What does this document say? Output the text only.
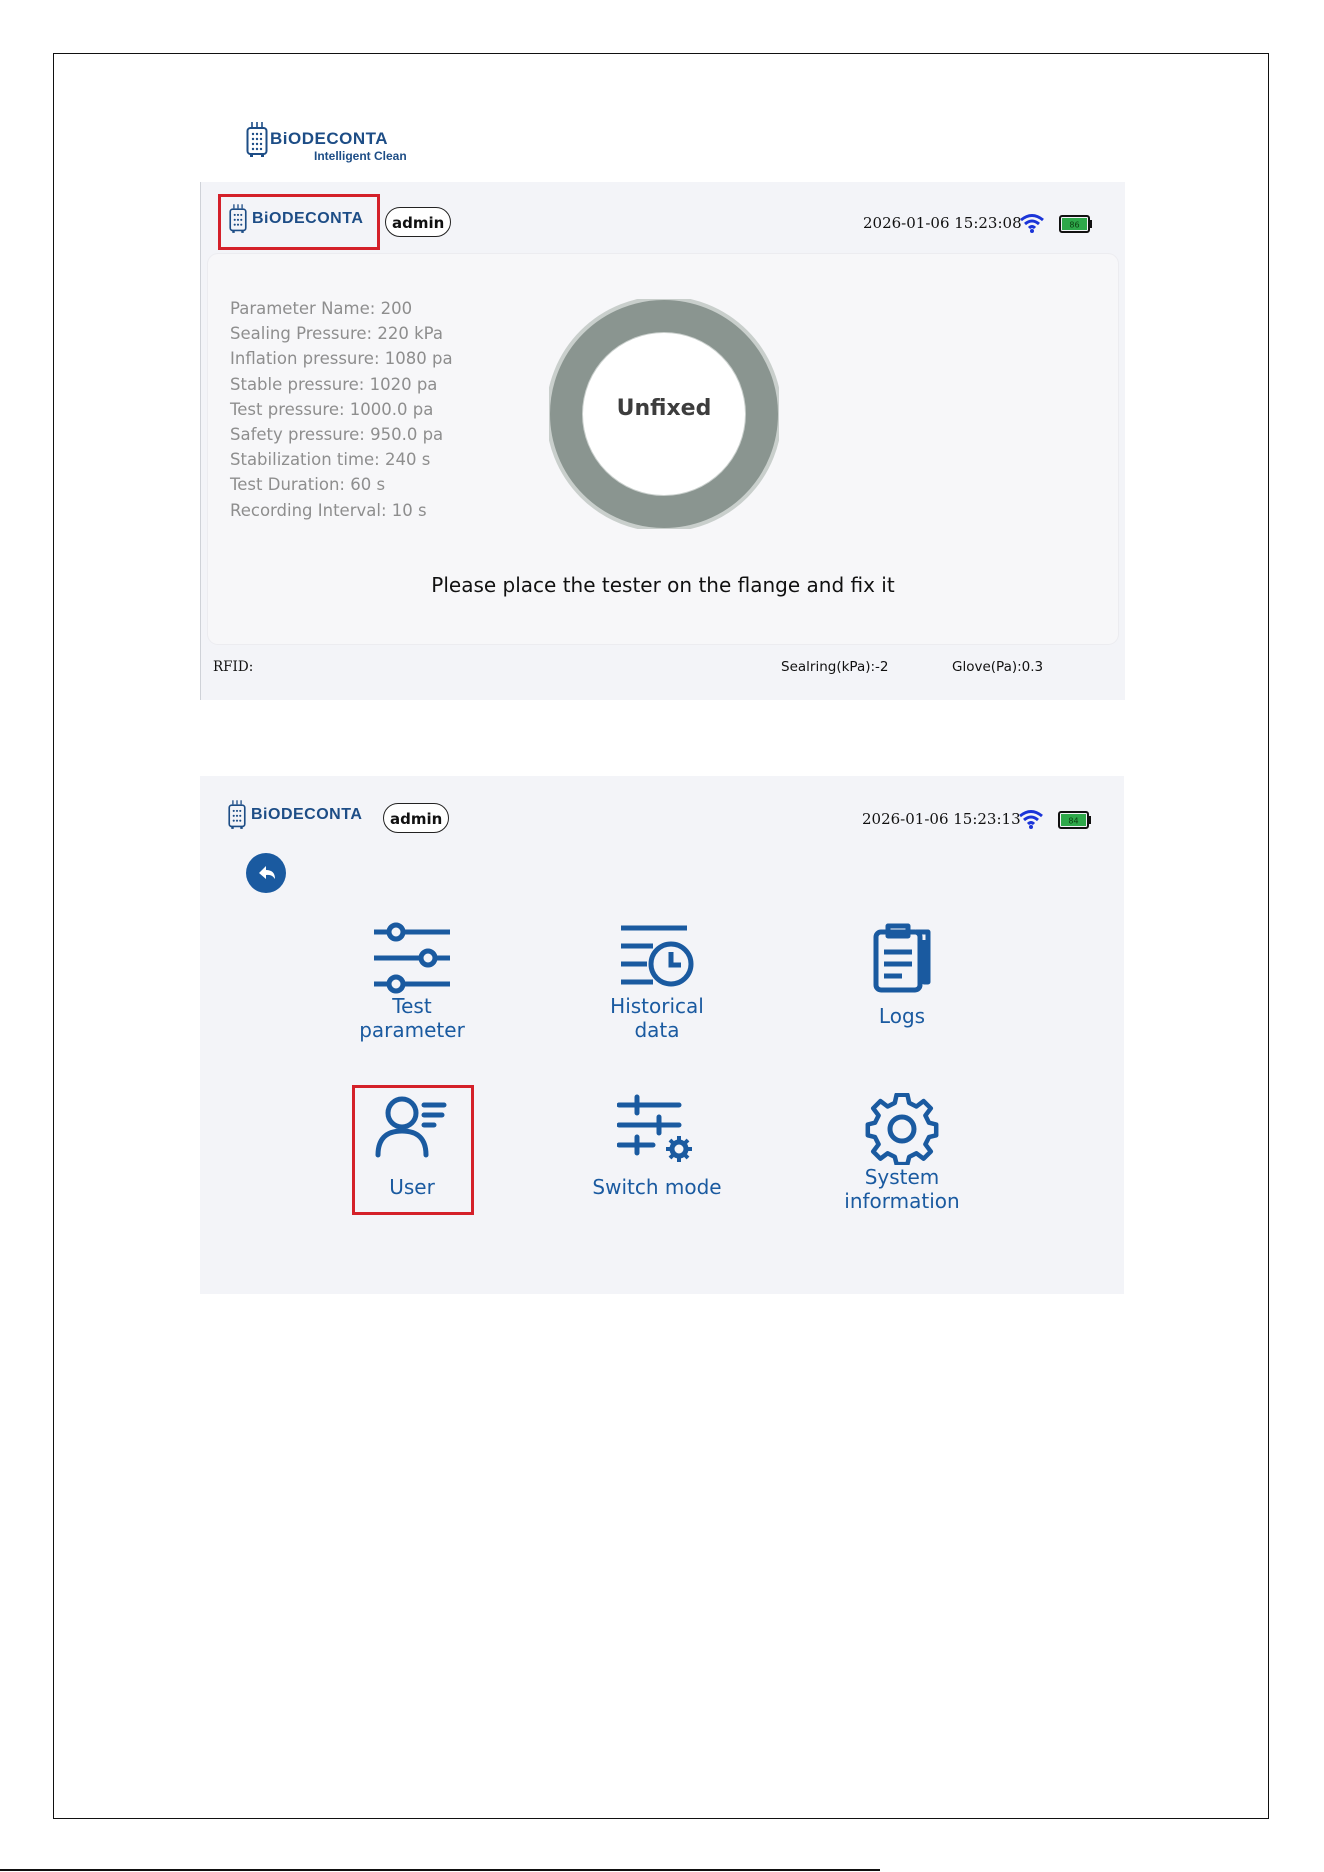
BiODECONTA
Intelligent Clean
BiODECONTA	admin	2026-01-06 15:23:08	86
Parameter Name: 200
Sealing Pressure: 220 kPa
Inflation pressure: 1080 pa
Stable pressure: 1020 pa
Test pressure: 1000.0 pa
Safety pressure: 950.0 pa
Stabilization time: 240 s
Test Duration: 60 s
Recording Interval: 10 s
Unfixed
Please place the tester on the flange and fix it
RFID:	Sealring(kPa):-2	Glove(Pa):0.3
BiODECONTA	admin	2026-01-06 15:23:13	84
Test
parameter
Historical
data
Logs
User	Switch mode	System
information
